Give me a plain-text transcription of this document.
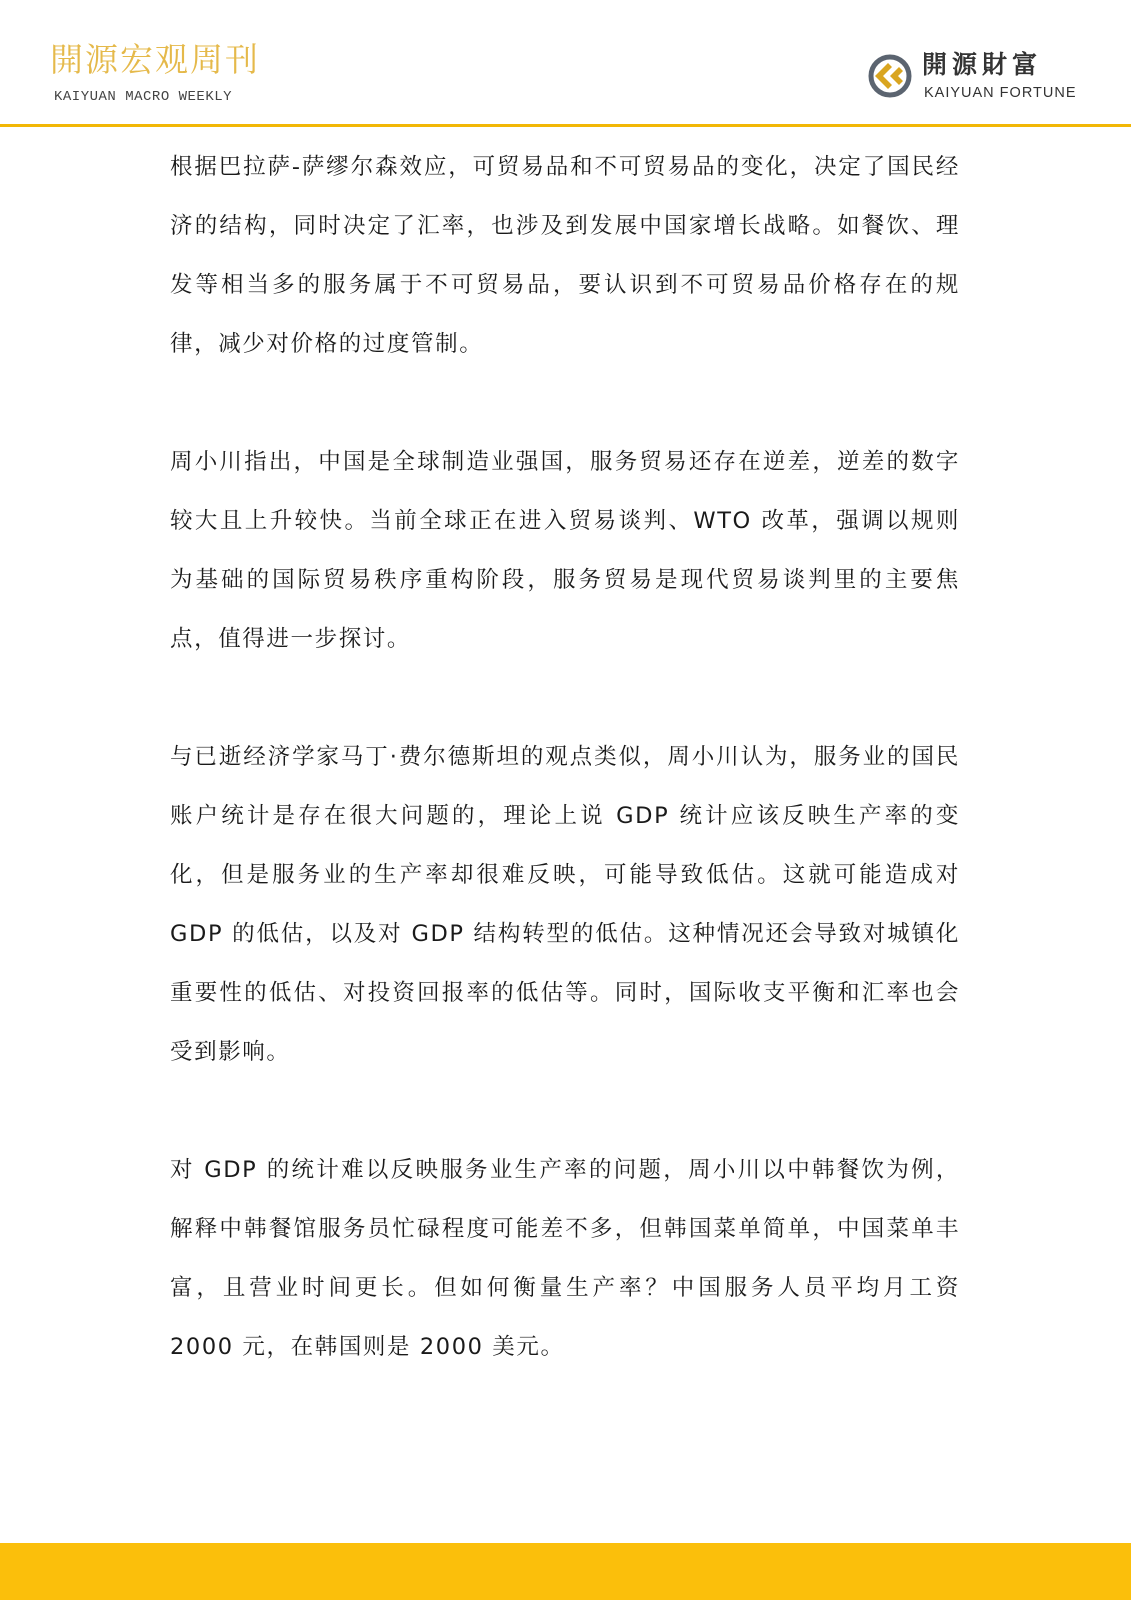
開源宏观周刊
KAIYUAN MACRO WEEKLY
開源財富
KAIYUAN FORTUNE

根据巴拉萨-萨缪尔森效应，可贸易品和不可贸易品的变化，决定了国民经济的结构，同时决定了汇率，也涉及到发展中国家增长战略。如餐饮、理发等相当多的服务属于不可贸易品，要认识到不可贸易品价格存在的规律，减少对价格的过度管制。

周小川指出，中国是全球制造业强国，服务贸易还存在逆差，逆差的数字较大且上升较快。当前全球正在进入贸易谈判、WTO 改革，强调以规则为基础的国际贸易秩序重构阶段，服务贸易是现代贸易谈判里的主要焦点，值得进一步探讨。

与已逝经济学家马丁·费尔德斯坦的观点类似，周小川认为，服务业的国民账户统计是存在很大问题的，理论上说 GDP 统计应该反映生产率的变化，但是服务业的生产率却很难反映，可能导致低估。这就可能造成对 GDP 的低估，以及对 GDP 结构转型的低估。这种情况还会导致对城镇化重要性的低估、对投资回报率的低估等。同时，国际收支平衡和汇率也会受到影响。

对 GDP 的统计难以反映服务业生产率的问题，周小川以中韩餐饮为例，解释中韩餐馆服务员忙碌程度可能差不多，但韩国菜单简单，中国菜单丰富，且营业时间更长。但如何衡量生产率？中国服务人员平均月工资 2000 元，在韩国则是 2000 美元。
